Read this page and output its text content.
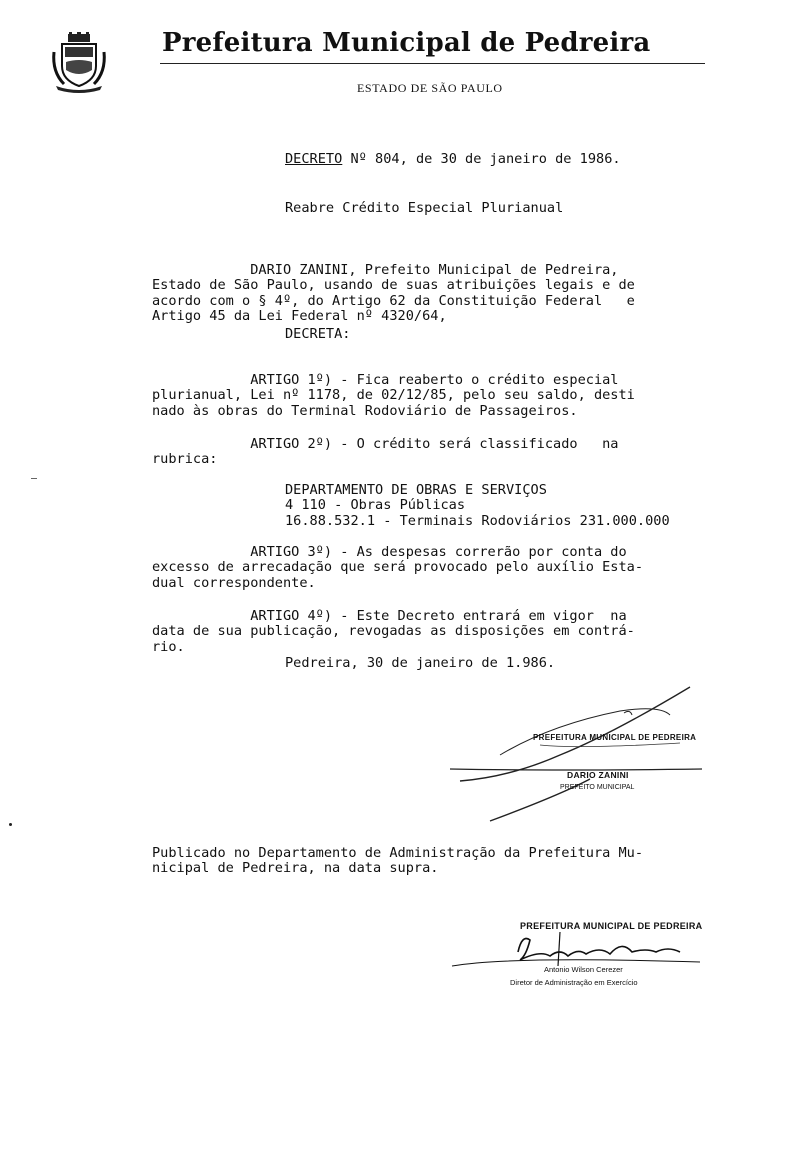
Prefeitura Municipal de Pedreira
ESTADO DE SÃO PAULO
DECRETO Nº 804, de 30 de janeiro de 1986.
Reabre Crédito Especial Plurianual

DARIO ZANINI, Prefeito Municipal de Pedreira,
Estado de São Paulo, usando de suas atribuições legais e de
acordo com o § 4º, do Artigo 62 da Constituição Federal   e
Artigo 45 da Lei Federal nº 4320/64,

DECRETA:

ARTIGO 1º) - Fica reaberto o crédito especial
plurianual, Lei nº 1178, de 02/12/85, pelo seu saldo, desti
nado às obras do Terminal Rodoviário de Passageiros.

ARTIGO 2º) - O crédito será classificado   na
rubrica:

DEPARTAMENTO DE OBRAS E SERVIÇOS
4 110 - Obras Públicas
16.88.532.1 - Terminais Rodoviários 231.000.000

ARTIGO 3º) - As despesas correrão por conta do
excesso de arrecadação que será provocado pelo auxílio Esta-
dual correspondente.

ARTIGO 4º) - Este Decreto entrará em vigor  na
data de sua publicação, revogadas as disposições em contrá-
rio.

Pedreira, 30 de janeiro de 1.986.
PREFEITURA MUNICIPAL DE PEDREIRA
DARIO ZANINI
PREFEITO MUNICIPAL

Publicado no Departamento de Administração da Prefeitura Mu-
nicipal de Pedreira, na data supra.

PREFEITURA MUNICIPAL DE PEDREIRA
Antonio Wilson Cerezer
Diretor de Administração em Exercício
